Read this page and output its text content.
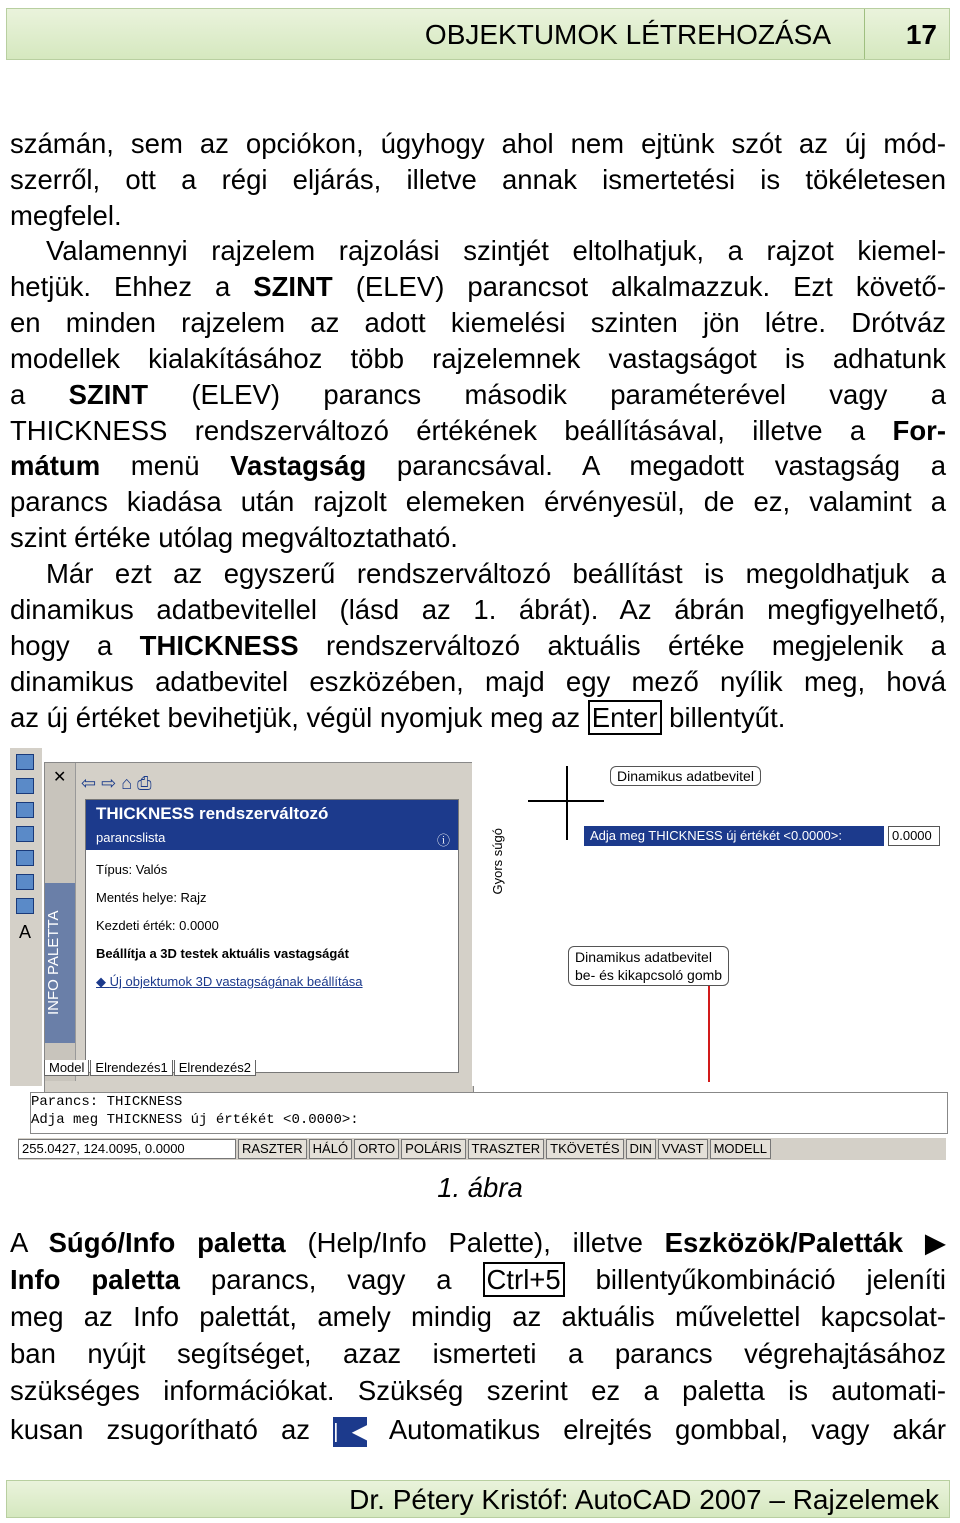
OBJEKTUMOK LÉTREHOZÁSA	17
számán, sem az opciókon, úgyhogy ahol nem ejtünk szót az új mód-
szerről, ott a régi eljárás, illetve annak ismertetési is tökéletesen
megfelel.
Valamennyi rajzelem rajzolási szintjét eltolhatjuk, a rajzot kiemel-
hetjük. Ehhez a SZINT (ELEV) parancsot alkalmazzuk. Ezt követő-
en minden rajzelem az adott kiemelési szinten jön létre. Drótváz
modellek kialakításához több rajzelemnek vastagságot is adhatunk
a SZINT (ELEV) parancs második paraméterével vagy a
THICKNESS rendszerváltozó értékének beállításával, illetve a For-
mátum menü Vastagság parancsával. A megadott vastagság a
parancs kiadása után rajzolt elemeken érvényesül, de ez, valamint a
szint értéke utólag megváltoztatható.
Már ezt az egyszerű rendszerváltozó beállítást is megoldhatjuk a
dinamikus adatbevitellel (lásd az 1. ábrát). Az ábrán megfigyelhető,
hogy a THICKNESS rendszerváltozó aktuális értéke megjelenik a
dinamikus adatbevitel eszközében, majd egy mező nyílik meg, hová
az új értéket bevihetjük, végül nyomjuk meg az Enter billentyűt.
A
✕
INFO PALETTA
⇦ ⇨ ⌂ ⎙
THICKNESS rendszerváltozó
parancslista	ⓘ
Típus: Valós
Mentés helye: Rajz
Kezdeti érték: 0.0000
Beállítja a 3D testek aktuális vastagságát
◆ Új objektumok 3D vastagságának beállítása
Model Elrendezés1 Elrendezés2
Gyors súgó
Dinamikus adatbevitel
Adja meg THICKNESS új értékét <0.0000>:	0.0000
Dinamikus adatbevitel
be- és kikapcsoló gomb
Parancs: THICKNESS
Adja meg THICKNESS új értékét <0.0000>:
255.0427, 124.0095, 0.0000	RASZTER HÁLÓ ORTO POLÁRIS TRASZTER TKÖVETÉS DIN VVAST MODELL
1. ábra
A Súgó/Info paletta (Help/Info Palette), illetve Eszközök/Paletták ▶
Info paletta parancs, vagy a Ctrl+5 billentyűkombináció jeleníti
meg az Info palettát, amely mindig az aktuális művelettel kapcsolat-
ban nyújt segítséget, azaz ismerteti a parancs végrehajtásához
szükséges információkat. Szükség szerint ez a paletta is automati-
kusan zsugorítható az |◀ Automatikus elrejtés gombbal, vagy akár
Dr. Pétery Kristóf: AutoCAD 2007 – Rajzelemek
